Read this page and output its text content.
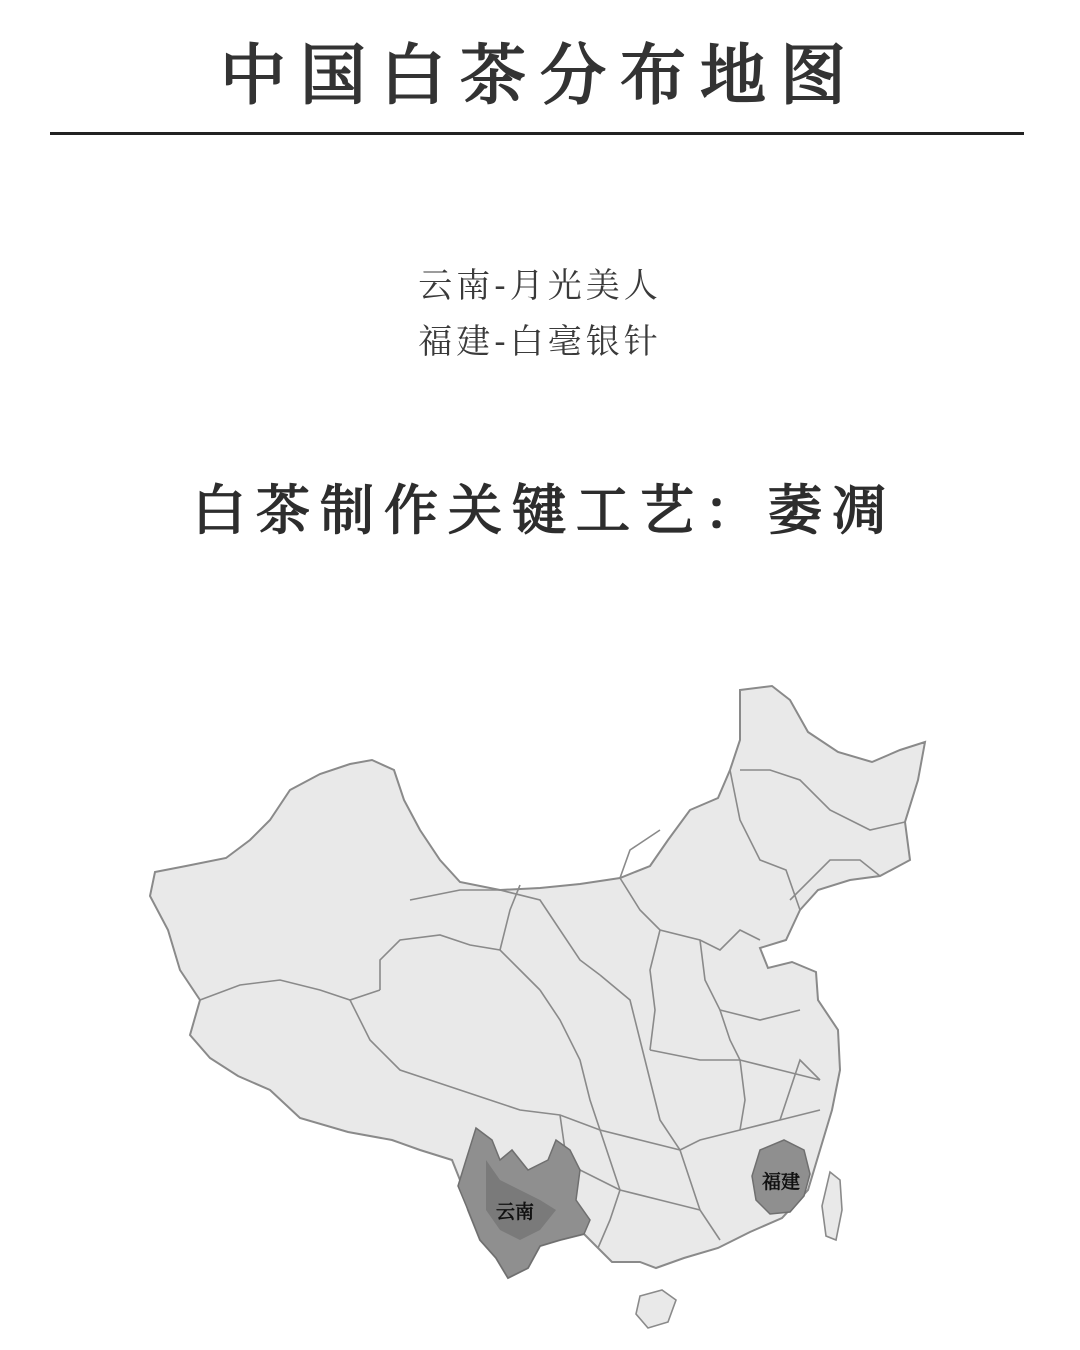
中国白茶分布地图
云南-月光美人
福建-白毫银针
白茶制作关键工艺：萎凋
云南
福建
